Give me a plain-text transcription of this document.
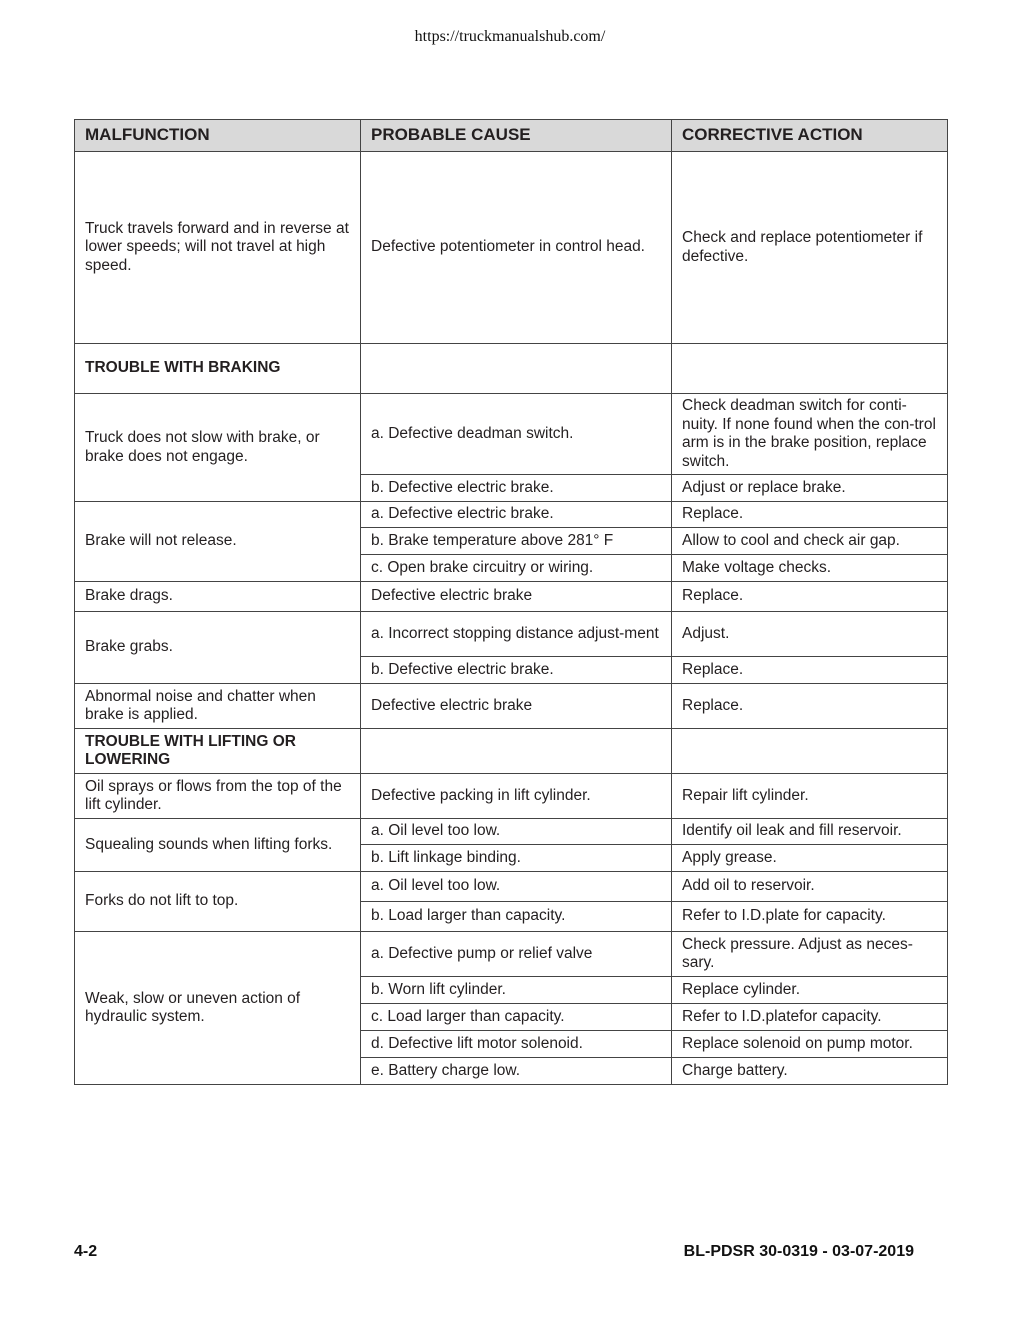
https://truckmanualshub.com/
MALFUNCTION	PROBABLE CAUSE	CORRECTIVE ACTION
Truck travels forward and in reverse at lower speeds; will not travel at high speed.	Defective potentiometer in control head.	Check and replace potentiometer if defective.
TROUBLE WITH BRAKING		
Truck does not slow with brake, or brake does not engage.	a. Defective deadman switch.	Check deadman switch for conti-nuity. If none found when the con-trol arm is in the brake position, replace switch.
	b. Defective electric brake.	Adjust or replace brake.
Brake will not release.	a. Defective electric brake.	Replace.
	b. Brake temperature above 281° F	Allow to cool and check air gap.
	c. Open brake circuitry or wiring.	Make voltage checks.
Brake drags.	Defective electric brake	Replace.
Brake grabs.	a. Incorrect stopping distance adjust-ment	Adjust.
	b. Defective electric brake.	Replace.
Abnormal noise and chatter when brake is applied.	Defective electric brake	Replace.
TROUBLE WITH LIFTING OR LOWERING		
Oil sprays or flows from the top of the lift cylinder.	Defective packing in lift cylinder.	Repair lift cylinder.
Squealing sounds when lifting forks.	a. Oil level too low.	Identify oil leak and fill reservoir.
	b. Lift linkage binding.	Apply grease.
Forks do not lift to top.	a. Oil level too low.	Add oil to reservoir.
	b. Load larger than capacity.	Refer to I.D.plate for capacity.
Weak, slow or uneven action of hydraulic system.	a. Defective pump or relief valve	Check pressure. Adjust as neces-sary.
	b. Worn lift cylinder.	Replace cylinder.
	c. Load larger than capacity.	Refer to I.D.platefor capacity.
	d. Defective lift motor solenoid.	Replace solenoid on pump motor.
	e. Battery charge low.	Charge battery.
4-2	BL-PDSR 30-0319 - 03-07-2019
